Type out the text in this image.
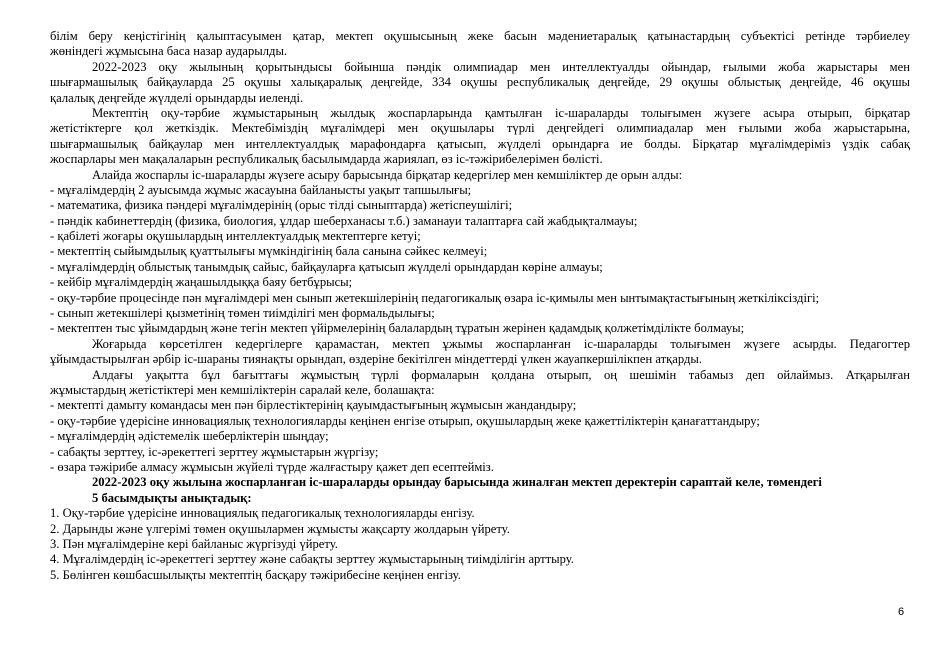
білім беру кеңістігінің қалыптасуымен қатар, мектеп оқушысының жеке басын мәдениетаралық қатынастардың субъектісі ретінде тәрбиелеу
жөніндегі жұмысына баса назар аударылды.
2022-2023 оқу жылының қорытындысы бойынша пәндік олимпиадар мен интеллектуалды ойындар, ғылыми жоба жарыстары мен
шығармашылық байқауларда 25 оқушы халықаралық деңгейде, 334 оқушы республикалық деңгейде, 29 оқушы облыстық деңгейде, 46 оқушы
қалалық деңгейде жүлделі орындарды иеленді.
Мектептің оқу-тәрбие жұмыстарының жылдық жоспарларында қамтылған іс-шараларды толығымен жүзеге асыра отырып, бірқатар
жетістіктерге қол жеткіздік. Мектебіміздің мұғалімдері мен оқушылары түрлі деңгейдегі олимпиадалар мен ғылыми жоба жарыстарына,
шығармашылық байқаулар мен интеллектуалдық марафондарға қатысып, жүлделі орындарға ие болды. Бірқатар мұғалімдеріміз үздік сабақ
жоспарлары мен мақалаларын республикалық басылымдарда жариялап, өз іс-тәжірибелерімен бөлісті.
Алайда жоспарлы іс-шараларды жүзеге асыру барысында бірқатар кедергілер мен кемшіліктер де орын алды:
- мұғалімдердің 2 ауысымда жұмыс жасауына байланысты уақыт тапшылығы;
- математика, физика пәндері мұғалімдерінің (орыс тілді сыныптарда) жетіспеушілігі;
- пәндік кабинеттердің (физика, биология, ұлдар шеберханасы т.б.) заманауи талаптарға сай жабдықталмауы;
- қабілеті жоғары оқушылардың интеллектуалдық мектептерге кетуі;
- мектептің сыйымдылық қуаттылығы мүмкіндігінің бала санына сәйкес келмеуі;
- мұғалімдердің облыстық танымдық сайыс, байқауларға қатысып жүлделі орындардан көріне алмауы;
- кейбір мұғалімдердің жаңашылдыққа баяу бетбұрысы;
- оқу-тәрбие процесінде пән мұғалімдері мен сынып жетекшілерінің педагогикалық өзара іс-қимылы мен ынтымақтастығының жеткіліксіздігі;
- сынып жетекшілері қызметінің төмен тиімділігі мен формальдылығы;
- мектептен тыс ұйымдардың және тегін мектеп үйірмелерінің балалардың тұратын жерінен қадамдық қолжетімділікте болмауы;
Жоғарыда көрсетілген кедергілерге қарамастан, мектеп ұжымы жоспарланған іс-шараларды толығымен жүзеге асырды. Педагогтер
ұйымдастырылған әрбір іс-шараны тиянақты орындап, өздеріне бекітілген міндеттерді үлкен жауапкершілікпен атқарды.
Алдағы уақытта бұл бағыттағы жұмыстың түрлі формаларын қолдана отырып, оң шешімін табамыз деп ойлаймыз. Атқарылған
жұмыстардың жетістіктері мен кемшіліктерін саралай келе, болашақта:
- мектепті дамыту командасы мен пән бірлестіктерінің қауымдастығының жұмысын жандандыру;
- оқу-тәрбие үдерісіне инновациялық технологияларды кеңінен енгізе отырып, оқушылардың жеке қажеттіліктерін қанағаттандыру;
- мұғалімдердің әдістемелік шеберліктерін шыңдау;
- сабақты зерттеу, іс-әрекеттегі зерттеу жұмыстарын жүргізу;
- өзара тәжірибе алмасу жұмысын жүйелі түрде жалғастыру қажет деп есептейміз.
2022-2023 оқу жылына жоспарланған іс-шараларды орындау барысында жиналған мектеп деректерін сараптай келе, төмендегі
5 басымдықты анықтадық:
1. Оқу-тәрбие үдерісіне инновациялық педагогикалық технологияларды енгізу.
2. Дарынды және үлгерімі төмен оқушылармен жұмысты жақсарту жолдарын үйрету.
3. Пән мұғалімдеріне кері байланыс жүргізуді үйрету.
4. Мұғалімдердің іс-әрекеттегі зерттеу және сабақты зерттеу жұмыстарының тиімділігін арттыру.
5. Бөлінген көшбасшылықты мектептің басқару тәжірибесіне кеңінен енгізу.
6
